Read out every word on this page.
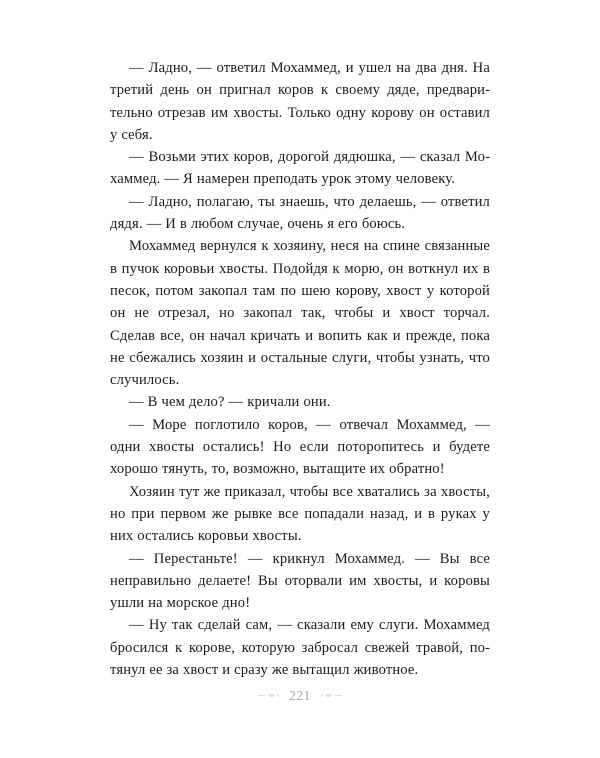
— Ладно, — ответил Мохаммед, и ушел на два дня. На третий день он пригнал коров к своему дяде, предварительно отрезав им хвосты. Только одну корову он оставил у себя.

— Возьми этих коров, дорогой дядюшка, — сказал Мохаммед. — Я намерен преподать урок этому человеку.

— Ладно, полагаю, ты знаешь, что делаешь, — ответил дядя. — И в любом случае, очень я его боюсь.

Мохаммед вернулся к хозяину, неся на спине связанные в пучок коровьи хвосты. Подойдя к морю, он воткнул их в песок, потом закопал там по шею корову, хвост у которой он не отрезал, но закопал так, чтобы и хвост торчал. Сделав все, он начал кричать и вопить как и прежде, пока не сбежались хозяин и остальные слуги, чтобы узнать, что случилось.

— В чем дело? — кричали они.

— Море поглотило коров, — отвечал Мохаммед, — одни хвосты остались! Но если поторопитесь и будете хорошо тянуть, то, возможно, вытащите их обратно!

Хозяин тут же приказал, чтобы все хватались за хвосты, но при первом же рывке все попадали назад, и в руках у них остались коровьи хвосты.

— Перестаньте! — крикнул Мохаммед. — Вы все неправильно делаете! Вы оторвали им хвосты, и коровы ушли на морское дно!

— Ну так сделай сам, — сказали ему слуги. Мохаммед бросился к корове, которую забросал свежей травой, потянул ее за хвост и сразу же вытащил животное.

221
